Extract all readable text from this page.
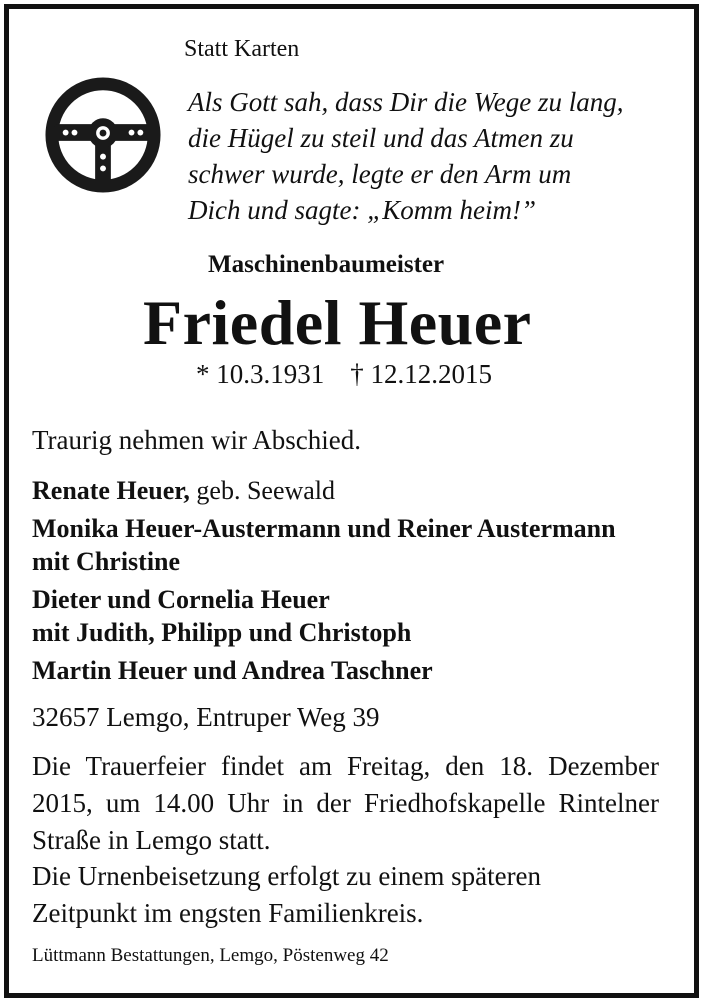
Statt Karten
Als Gott sah, dass Dir die Wege zu lang,
die Hügel zu steil und das Atmen zu
schwer wurde, legte er den Arm um
Dich und sagte: „Komm heim!”
Maschinenbaumeister
Friedel Heuer
* 10.3.1931 † 12.12.2015
Traurig nehmen wir Abschied.
Renate Heuer, geb. Seewald
Monika Heuer-Austermann und Reiner Austermann
mit Christine
Dieter und Cornelia Heuer
mit Judith, Philipp und Christoph
Martin Heuer und Andrea Taschner
32657 Lemgo, Entruper Weg 39
Die Trauerfeier findet am Freitag, den 18. Dezember
2015, um 14.00 Uhr in der Friedhofskapelle Rintelner
Straße in Lemgo statt.
Die Urnenbeisetzung erfolgt zu einem späteren
Zeitpunkt im engsten Familienkreis.
Lüttmann Bestattungen, Lemgo, Pöstenweg 42
